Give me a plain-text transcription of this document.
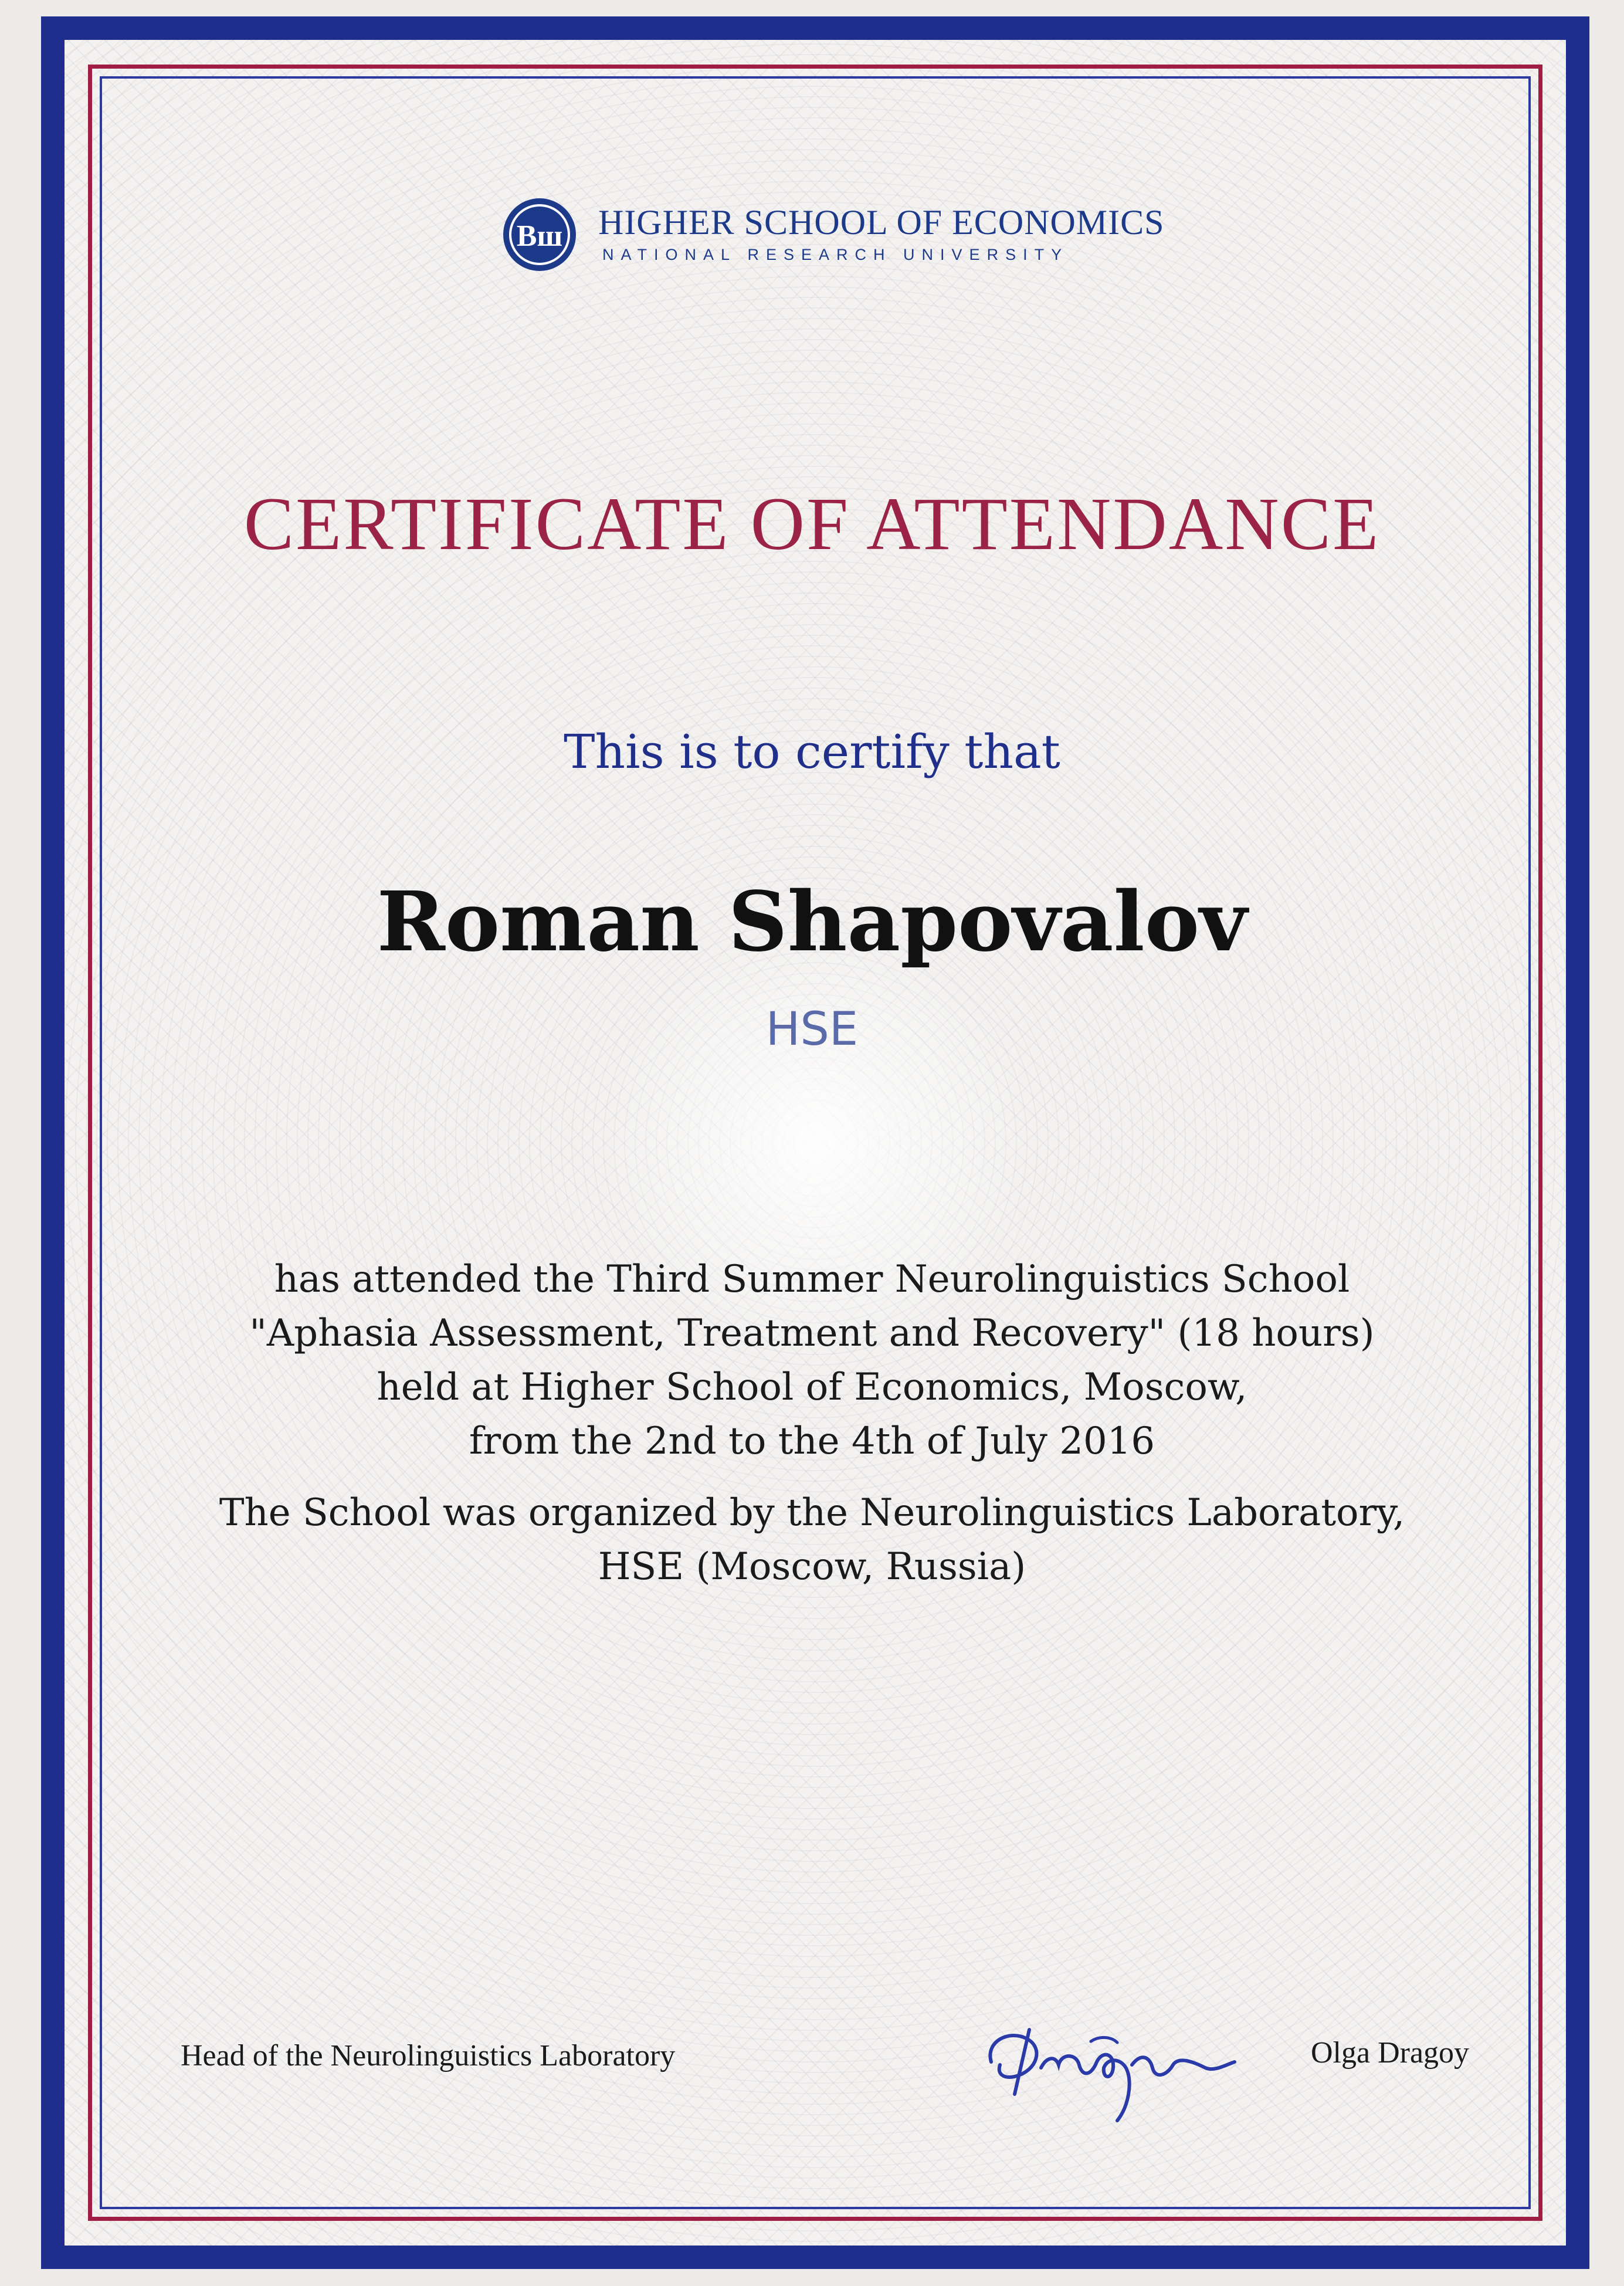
Вш HIGHER SCHOOL OF ECONOMICS
NATIONAL RESEARCH UNIVERSITY
CERTIFICATE OF ATTENDANCE
This is to certify that
Roman Shapovalov
HSE
has attended the Third Summer Neurolinguistics School
"Aphasia Assessment, Treatment and Recovery" (18 hours)
held at Higher School of Economics, Moscow,
from the 2nd to the 4th of July 2016
The School was organized by the Neurolinguistics Laboratory,
HSE (Moscow, Russia)
Head of the Neurolinguistics Laboratory	Olga Dragoy
